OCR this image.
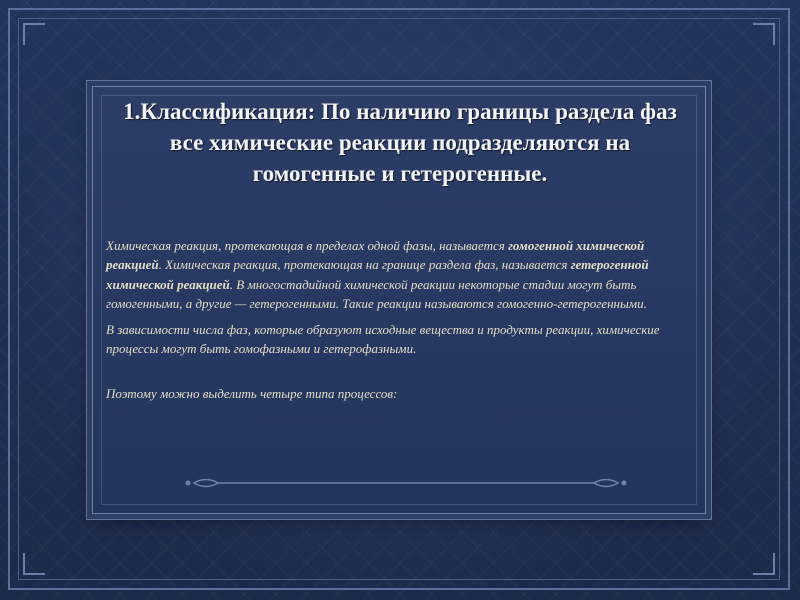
1.Классификация: По наличию границы раздела фаз все химические реакции подразделяются на гомогенные и гетерогенные.

Химическая реакция, протекающая в пределах одной фазы, называется гомогенной химической реакцией. Химическая реакция, протекающая на границе раздела фаз, называется гетерогенной химической реакцией. В многостадийной химической реакции некоторые стадии могут быть гомогенными, а другие — гетерогенными. Такие реакции называются гомогенно-гетерогенными.

В зависимости числа фаз, которые образуют исходные вещества и продукты реакции, химические процессы могут быть гомофазными и гетерофазными.

Поэтому можно выделить четыре типа процессов:
